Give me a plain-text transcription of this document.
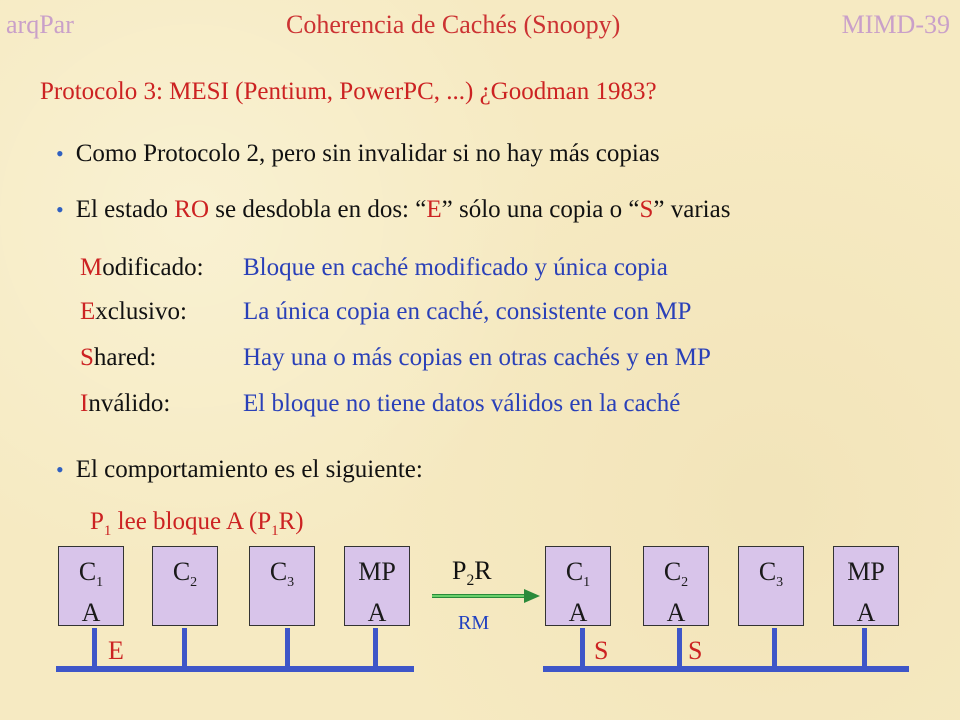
arqPar	Coherencia de Cachés (Snoopy)	MIMD-39
Protocolo 3: MESI (Pentium, PowerPC, ...) ¿Goodman 1983?
• Como Protocolo 2, pero sin invalidar si no hay más copias
• El estado RO se desdobla en dos: “E” sólo una copia o “S” varias
Modificado: Bloque en caché modificado y única copia
Exclusivo: La única copia en caché, consistente con MP
Shared:	Hay una o más copias en otras cachés y en MP
Inválido:	El bloque no tiene datos válidos en la caché
• El comportamiento es el siguiente:
$P_1$ lee bloque A $(P_1R)$
$C_1$
A
$C_2$	$C_3$	MP
A
E
$P_2R$
RM
$C_1$
A
$C_2$
A
$C_3$	MP
A
S	S
